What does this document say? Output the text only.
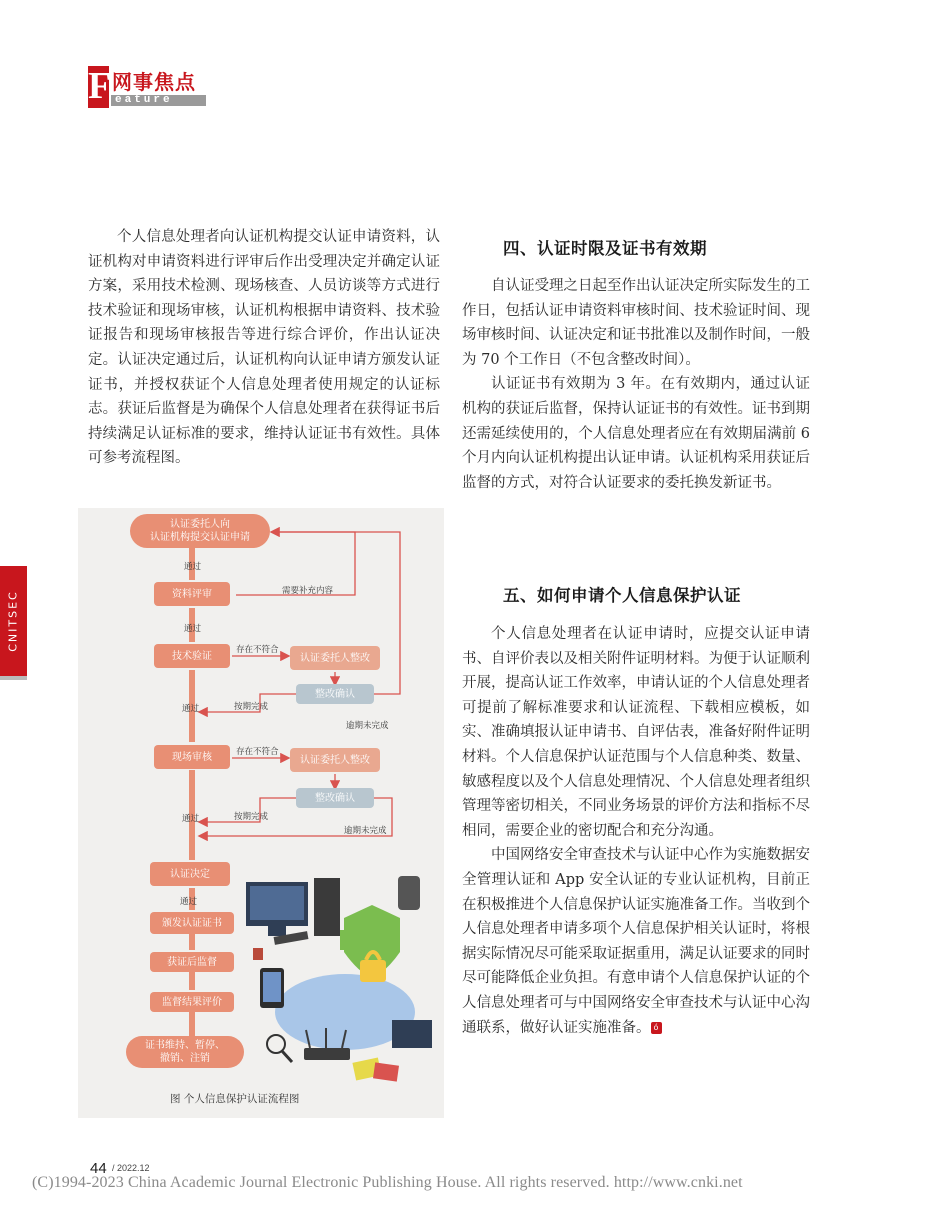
F 网事焦点
eature
CNITSEC

个人信息处理者向认证机构提交认证申请资料，认证机构对申请资料进行评审后作出受理决定并确定认证方案，采用技术检测、现场核查、人员访谈等方式进行技术验证和现场审核，认证机构根据申请资料、技术验证报告和现场审核报告等进行综合评价，作出认证决定。认证决定通过后，认证机构向认证申请方颁发认证证书，并授权获证个人信息处理者使用规定的认证标志。获证后监督是为确保个人信息处理者在获得证书后持续满足认证标准的要求，维持认证证书有效性。具体可参考流程图。

认证委托人向
认证机构提交认证申请
资料评审
技术验证	认证委托人整改
整改确认
现场审核	认证委托人整改
整改确认
认证决定
颁发认证证书
获证后监督
监督结果评价
证书维持、暂停、
撤销、注销
通过
通过
通过
通过
通过
需要补充内容
存在不符合
存在不符合
按期完成
按期完成
逾期未完成
逾期未完成
图 个人信息保护认证流程图
四、认证时限及证书有效期

自认证受理之日起至作出认证决定所实际发生的工作日，包括认证申请资料审核时间、技术验证时间、现场审核时间、认证决定和证书批准以及制作时间，一般为 70 个工作日（不包含整改时间）。

认证证书有效期为 3 年。在有效期内，通过认证机构的获证后监督，保持认证证书的有效性。证书到期还需延续使用的，个人信息处理者应在有效期届满前 6 个月内向认证机构提出认证申请。认证机构采用获证后监督的方式，对符合认证要求的委托换发新证书。

五、如何申请个人信息保护认证

个人信息处理者在认证申请时，应提交认证申请书、自评价表以及相关附件证明材料。为便于认证顺利开展，提高认证工作效率，申请认证的个人信息处理者可提前了解标准要求和认证流程、下载相应模板，如实、准确填报认证申请书、自评估表，准备好附件证明材料。个人信息保护认证范围与个人信息种类、数量、敏感程度以及个人信息处理情况、个人信息处理者组织管理等密切相关，不同业务场景的评价方法和指标不尽相同，需要企业的密切配合和充分沟通。

中国网络安全审查技术与认证中心作为实施数据安全管理认证和 App 安全认证的专业认证机构，目前正在积极推进个人信息保护认证实施准备工作。当收到个人信息处理者申请多项个人信息保护相关认证时，将根据实际情况尽可能采取证据重用，满足认证要求的同时尽可能降低企业负担。有意申请个人信息保护认证的个人信息处理者可与中国网络安全审查技术与认证中心沟通联系，做好认证实施准备。 ó

44 / 2022.12
(C)1994-2023 China Academic Journal Electronic Publishing House. All rights reserved. http://www.cnki.net
